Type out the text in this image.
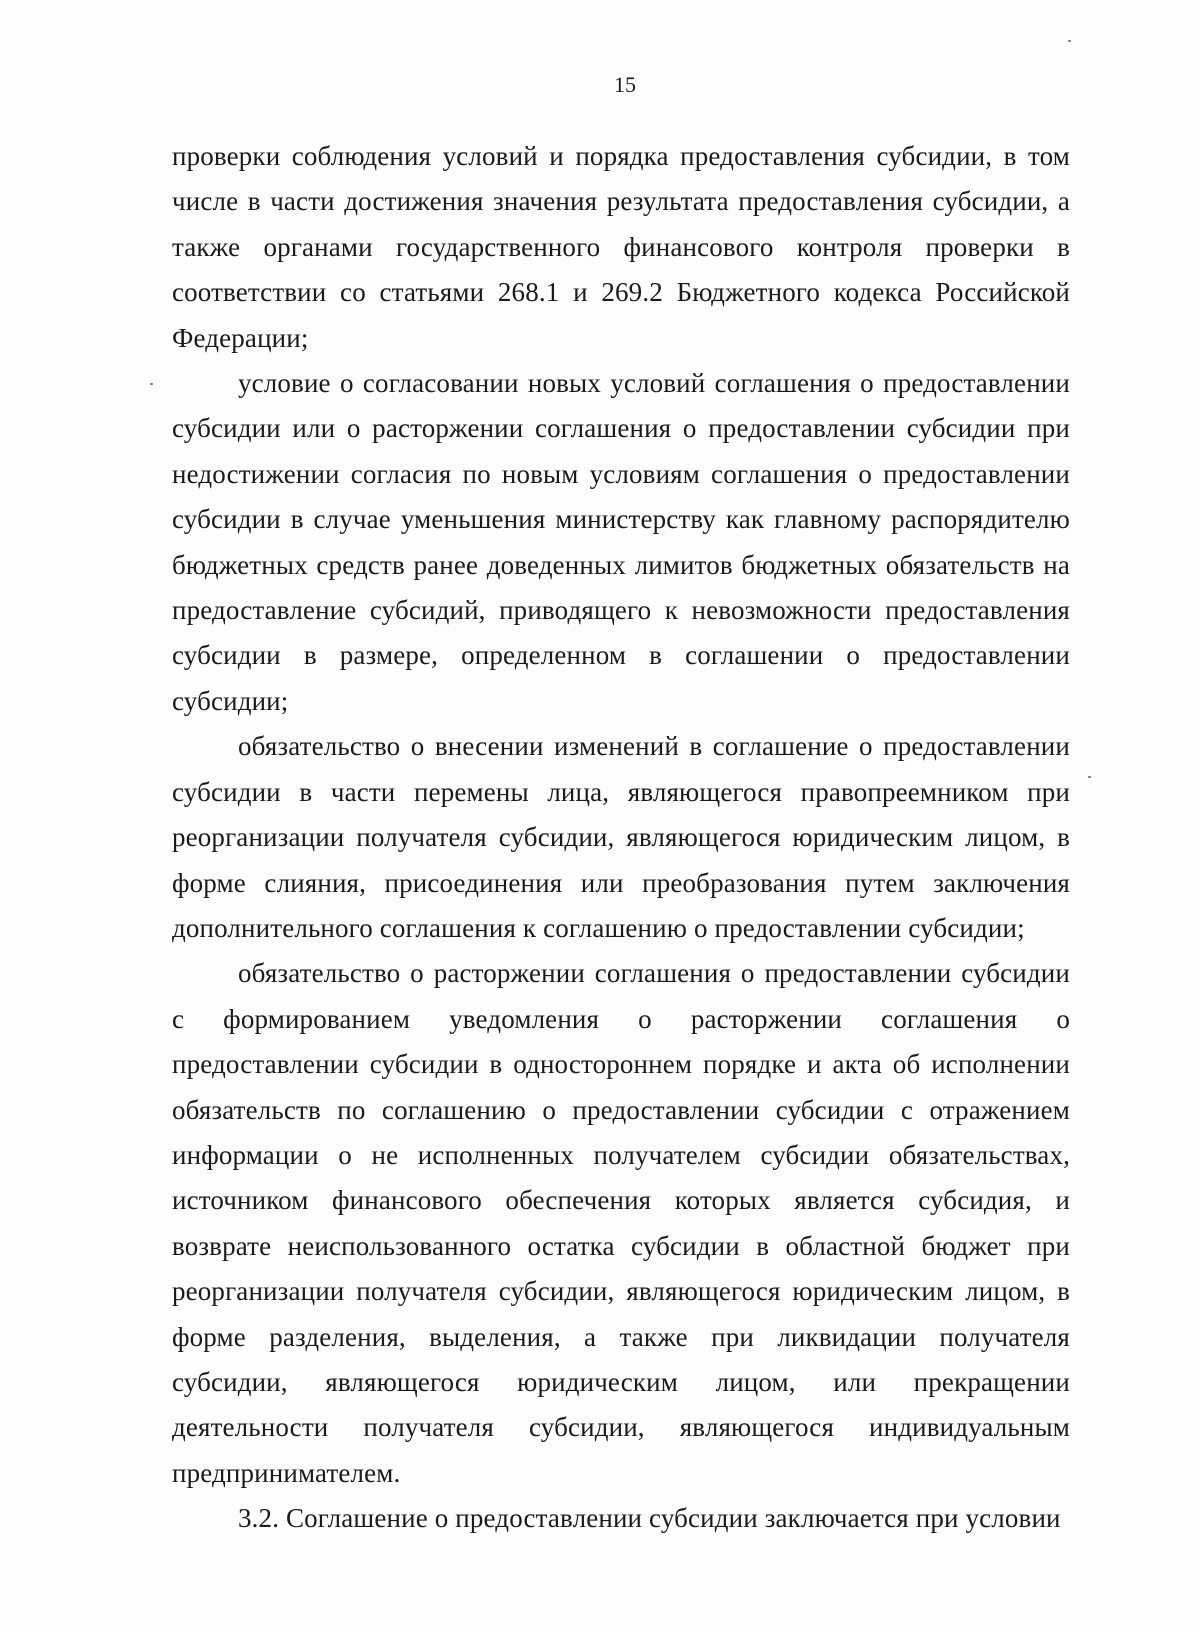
15

проверки соблюдения условий и порядка предоставления субсидии, в том числе в части достижения значения результата предоставления субсидии, а также органами государственного финансового контроля проверки в соответствии со статьями 268.1 и 269.2 Бюджетного кодекса Российской Федерации;

условие о согласовании новых условий соглашения о предоставлении субсидии или о расторжении соглашения о предоставлении субсидии при недостижении согласия по новым условиям соглашения о предоставлении субсидии в случае уменьшения министерству как главному распорядителю бюджетных средств ранее доведенных лимитов бюджетных обязательств на предоставление субсидий, приводящего к невозможности предоставления субсидии в размере, определенном в соглашении о предоставлении субсидии;

обязательство о внесении изменений в соглашение о предоставлении субсидии в части перемены лица, являющегося правопреемником при реорганизации получателя субсидии, являющегося юридическим лицом, в форме слияния, присоединения или преобразования путем заключения дополнительного соглашения к соглашению о предоставлении субсидии;

обязательство о расторжении соглашения о предоставлении субсидии с формированием уведомления о расторжении соглашения о предоставлении субсидии в одностороннем порядке и акта об исполнении обязательств по соглашению о предоставлении субсидии с отражением информации о не исполненных получателем субсидии обязательствах, источником финансового обеспечения которых является субсидия, и возврате неиспользованного остатка субсидии в областной бюджет при реорганизации получателя субсидии, являющегося юридическим лицом, в форме разделения, выделения, а также при ликвидации получателя субсидии, являющегося юридическим лицом, или прекращении деятельности получателя субсидии, являющегося индивидуальным предпринимателем.

3.2. Соглашение о предоставлении субсидии заключается при условии
